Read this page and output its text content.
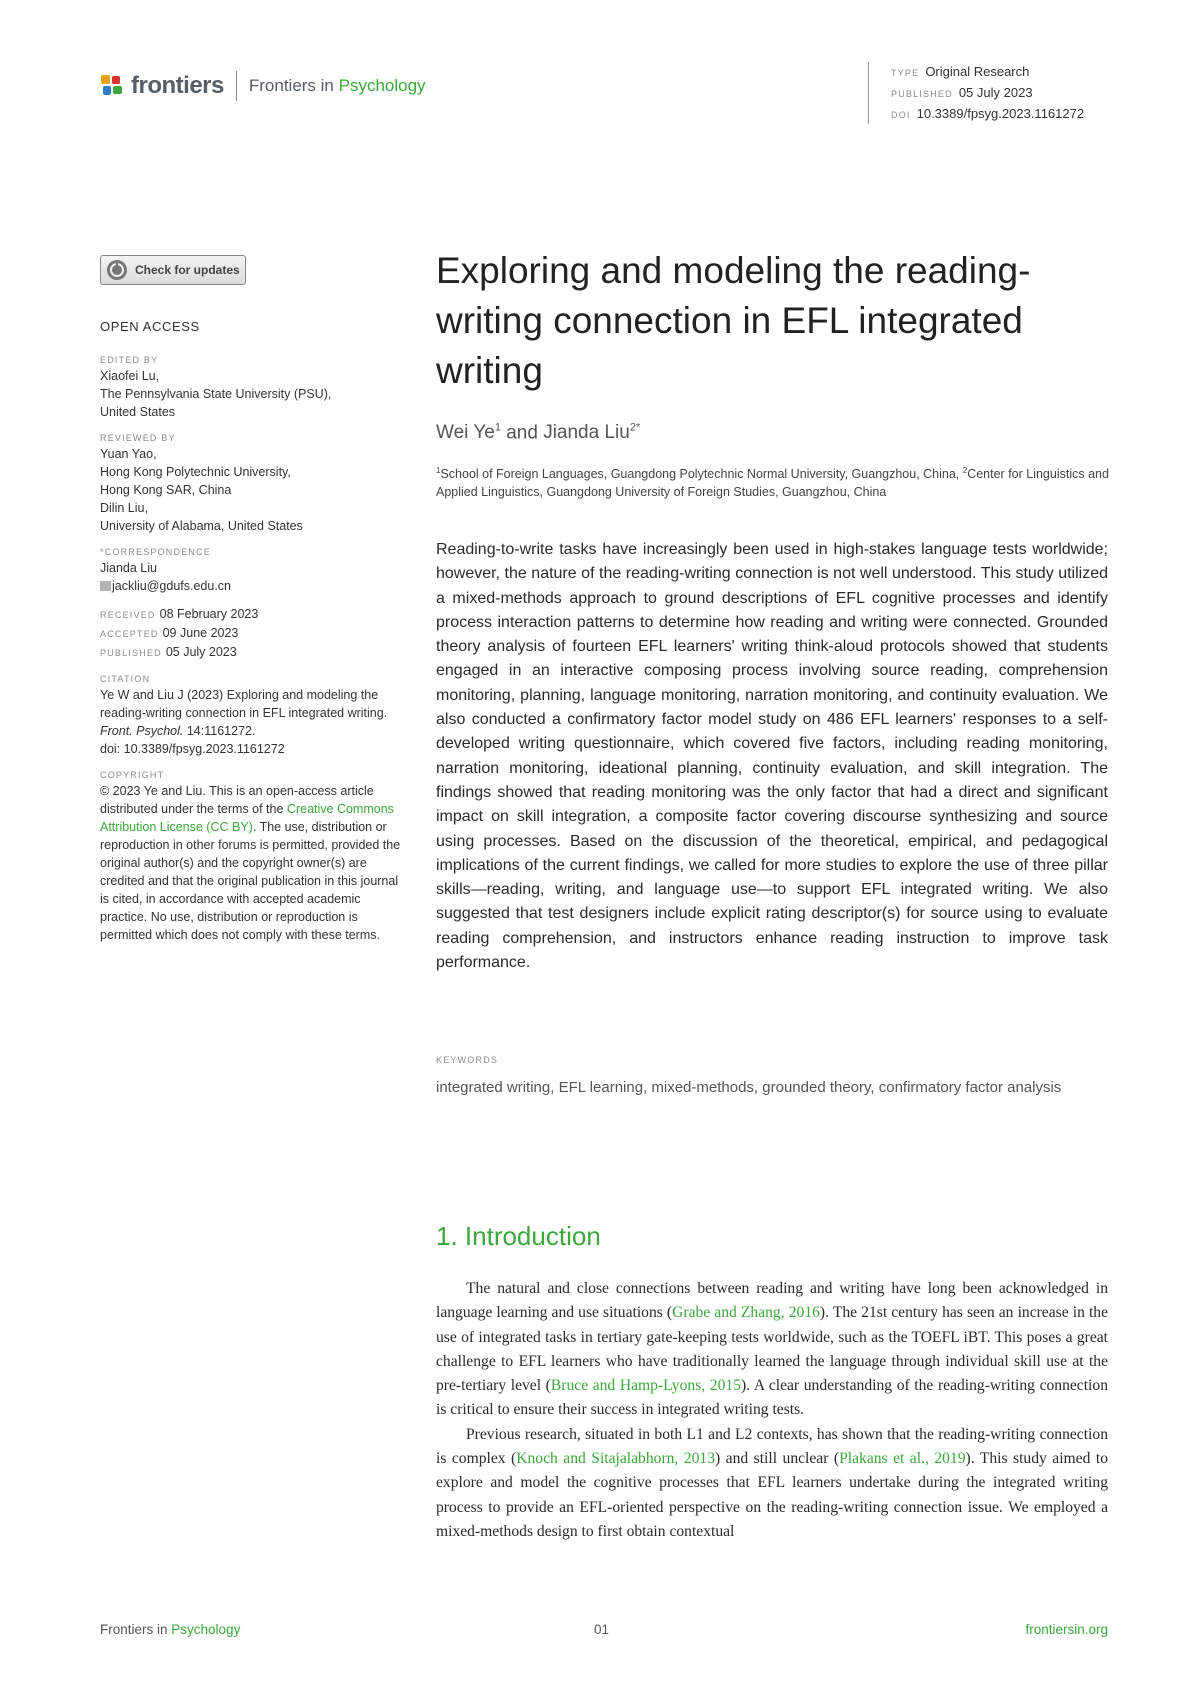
frontiers Frontiers in Psychology
TYPE Original Research
PUBLISHED 05 July 2023
DOI 10.3389/fpsyg.2023.1161272
Check for updates
OPEN ACCESS
EDITED BY
Xiaofei Lu,
The Pennsylvania State University (PSU),
United States
REVIEWED BY
Yuan Yao,
Hong Kong Polytechnic University,
Hong Kong SAR, China
Dilin Liu,
University of Alabama, United States
*CORRESPONDENCE
Jianda Liu
jackliu@gdufs.edu.cn
RECEIVED 08 February 2023
ACCEPTED 09 June 2023
PUBLISHED 05 July 2023
CITATION
Ye W and Liu J (2023) Exploring and modeling the reading-writing connection in EFL integrated writing.
Front. Psychol. 14:1161272.
doi: 10.3389/fpsyg.2023.1161272
COPYRIGHT
© 2023 Ye and Liu. This is an open-access article distributed under the terms of the Creative Commons Attribution License (CC BY). The use, distribution or reproduction in other forums is permitted, provided the original author(s) and the copyright owner(s) are credited and that the original publication in this journal is cited, in accordance with accepted academic practice. No use, distribution or reproduction is permitted which does not comply with these terms.
Exploring and modeling the reading-writing connection in EFL integrated writing
Wei Ye$^1$ and Jianda Liu$^{2*}$
$^1$School of Foreign Languages, Guangdong Polytechnic Normal University, Guangzhou, China, $^2$Center for Linguistics and Applied Linguistics, Guangdong University of Foreign Studies, Guangzhou, China
Reading-to-write tasks have increasingly been used in high-stakes language tests worldwide; however, the nature of the reading-writing connection is not well understood. This study utilized a mixed-methods approach to ground descriptions of EFL cognitive processes and identify process interaction patterns to determine how reading and writing were connected. Grounded theory analysis of fourteen EFL learners' writing think-aloud protocols showed that students engaged in an interactive composing process involving source reading, comprehension monitoring, planning, language monitoring, narration monitoring, and continuity evaluation. We also conducted a confirmatory factor model study on 486 EFL learners' responses to a self-developed writing questionnaire, which covered five factors, including reading monitoring, narration monitoring, ideational planning, continuity evaluation, and skill integration. The findings showed that reading monitoring was the only factor that had a direct and significant impact on skill integration, a composite factor covering discourse synthesizing and source using processes. Based on the discussion of the theoretical, empirical, and pedagogical implications of the current findings, we called for more studies to explore the use of three pillar skills—reading, writing, and language use—to support EFL integrated writing. We also suggested that test designers include explicit rating descriptor(s) for source using to evaluate reading comprehension, and instructors enhance reading instruction to improve task performance.
KEYWORDS
integrated writing, EFL learning, mixed-methods, grounded theory, confirmatory factor analysis
1. Introduction

The natural and close connections between reading and writing have long been acknowledged in language learning and use situations (Grabe and Zhang, 2016). The 21st century has seen an increase in the use of integrated tasks in tertiary gate-keeping tests worldwide, such as the TOEFL iBT. This poses a great challenge to EFL learners who have traditionally learned the language through individual skill use at the pre-tertiary level (Bruce and Hamp-Lyons, 2015). A clear understanding of the reading-writing connection is critical to ensure their success in integrated writing tests.

Previous research, situated in both L1 and L2 contexts, has shown that the reading-writing connection is complex (Knoch and Sitajalabhorn, 2013) and still unclear (Plakans et al., 2019). This study aimed to explore and model the cognitive processes that EFL learners undertake during the integrated writing process to provide an EFL-oriented perspective on the reading-writing connection issue. We employed a mixed-methods design to first obtain contextual

Frontiers in Psychology	01	frontiersin.org
